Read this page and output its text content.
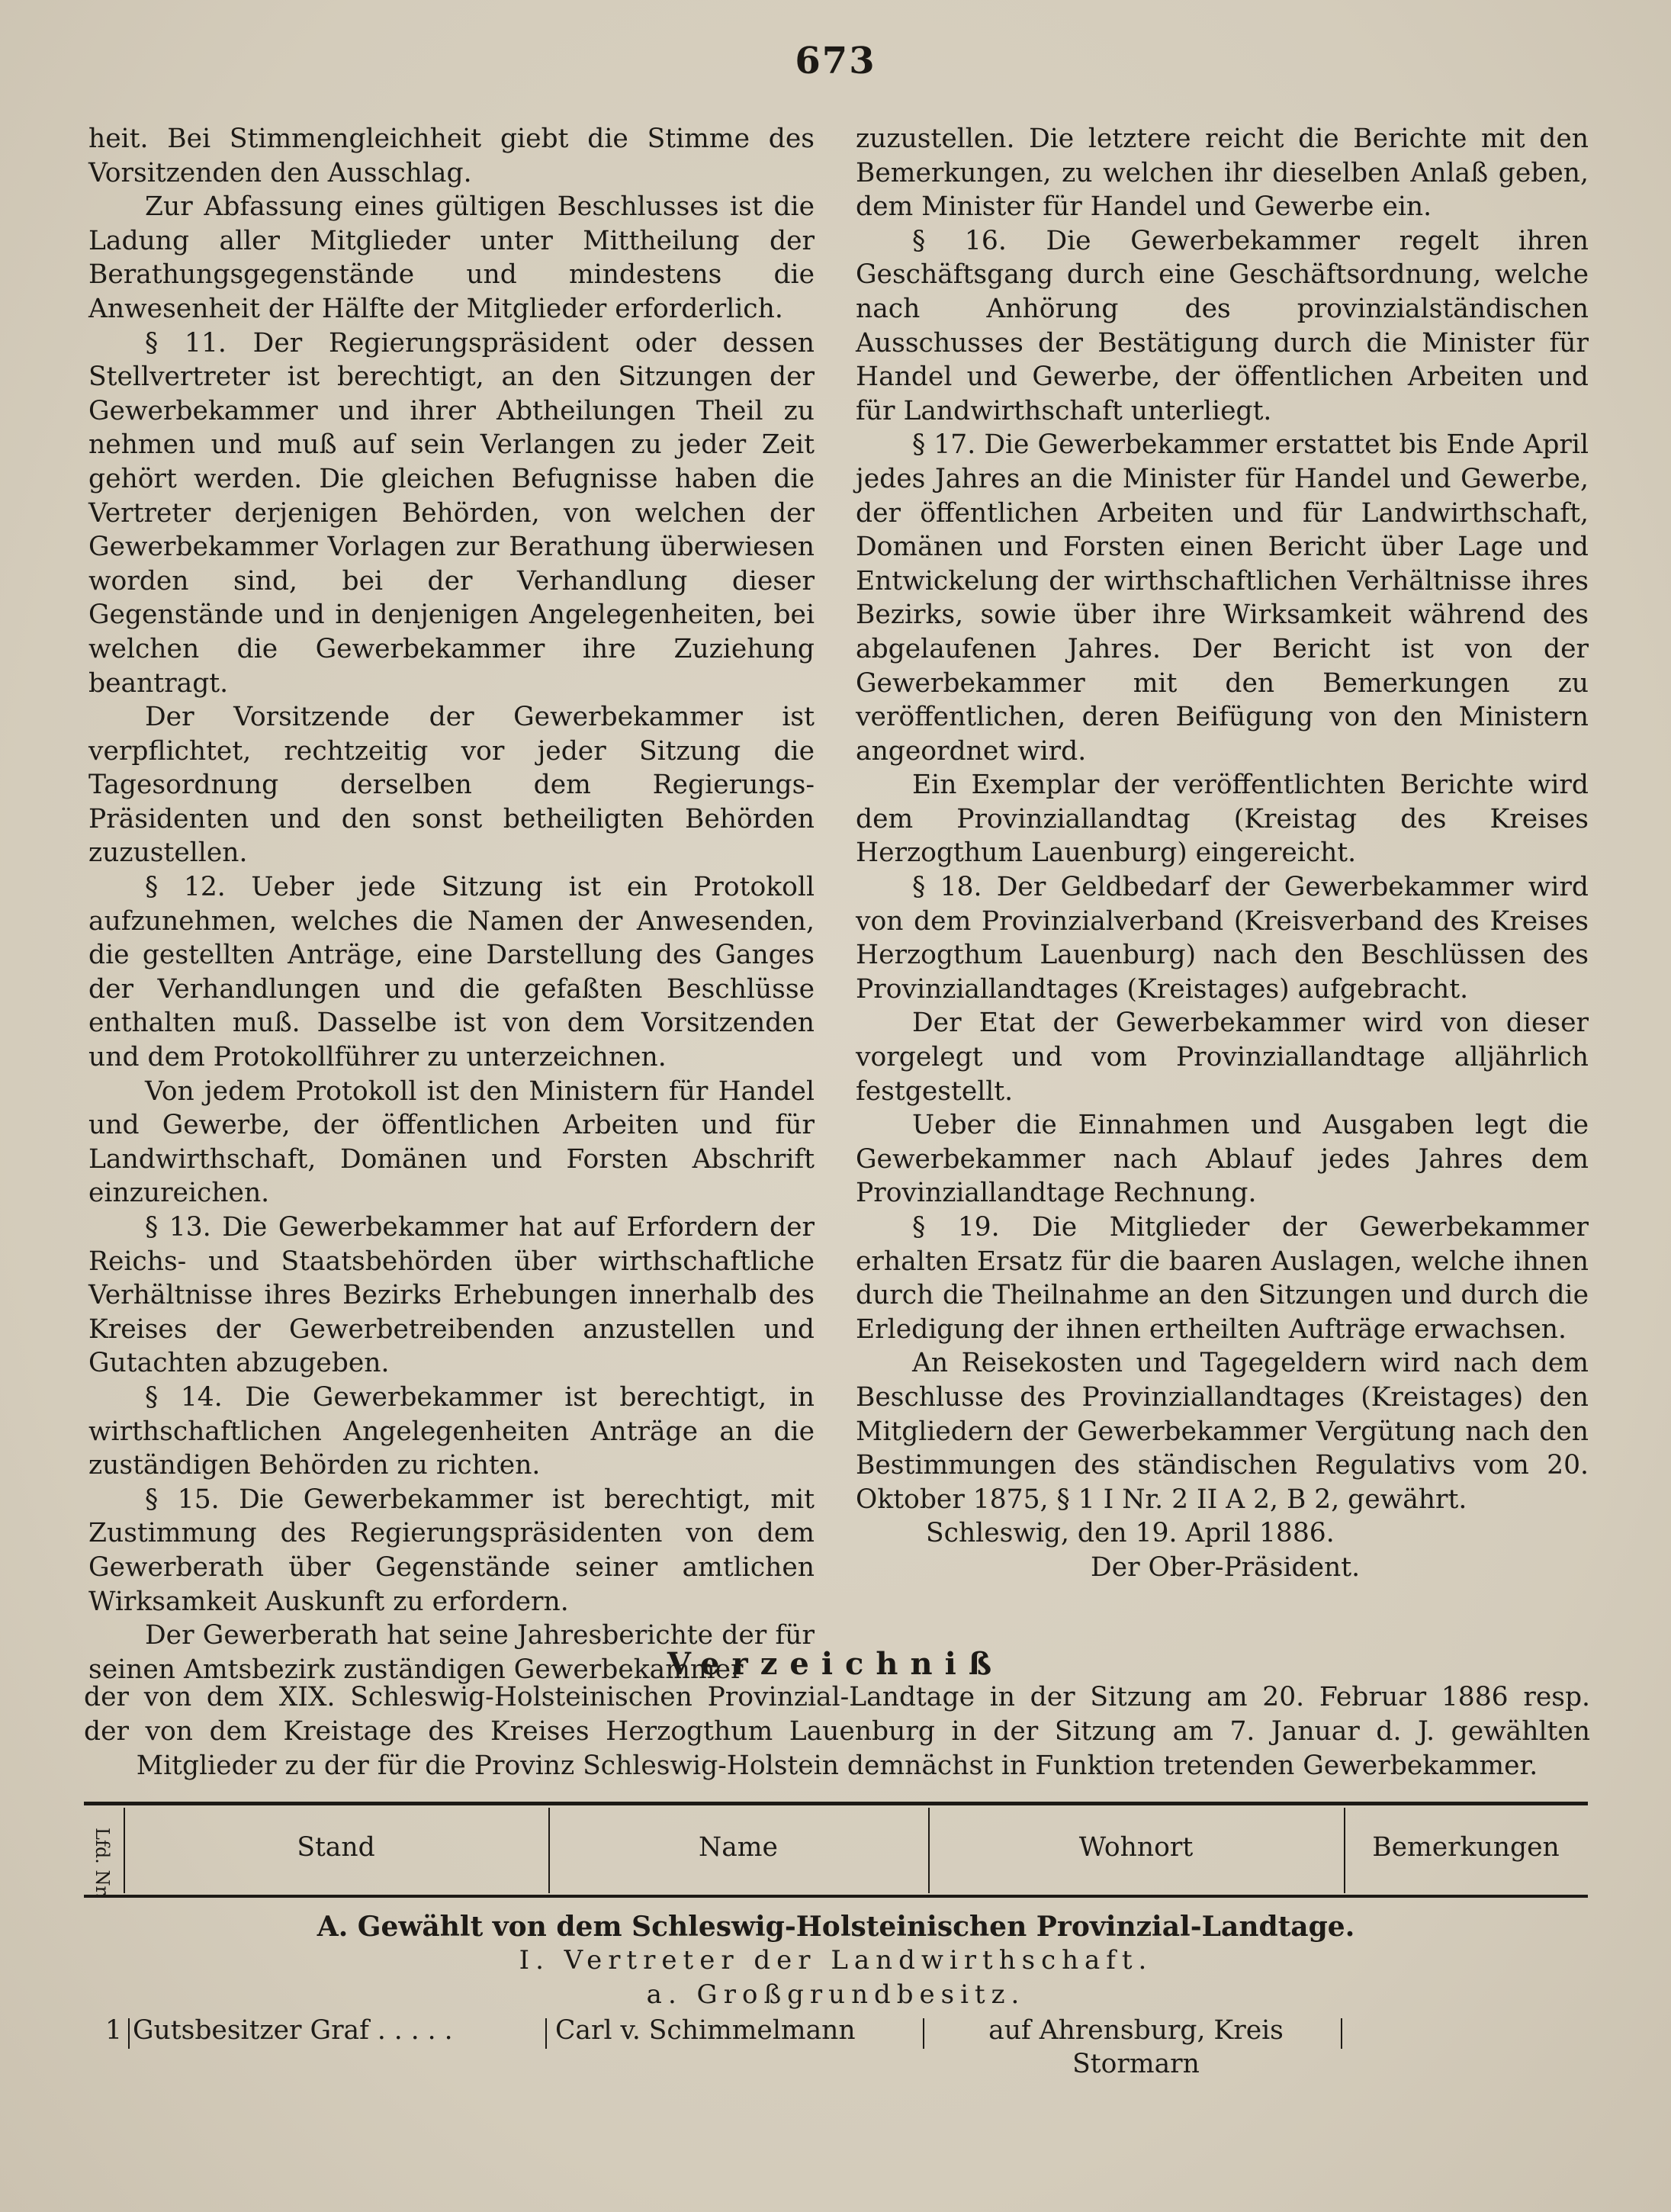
673

heit. Bei Stimmengleichheit giebt die Stimme des Vorsitzenden den Ausschlag.

Zur Abfassung eines gültigen Beschlusses ist die Ladung aller Mitglieder unter Mittheilung der Berathungsgegenstände und mindestens die Anwesenheit der Hälfte der Mitglieder erforderlich.

§ 11. Der Regierungspräsident oder dessen Stellvertreter ist berechtigt, an den Sitzungen der Gewerbekammer und ihrer Abtheilungen Theil zu nehmen und muß auf sein Verlangen zu jeder Zeit gehört werden. Die gleichen Befugnisse haben die Vertreter derjenigen Behörden, von welchen der Gewerbekammer Vorlagen zur Berathung überwiesen worden sind, bei der Verhandlung dieser Gegenstände und in denjenigen Angelegenheiten, bei welchen die Gewerbekammer ihre Zuziehung beantragt.

Der Vorsitzende der Gewerbekammer ist verpflichtet, rechtzeitig vor jeder Sitzung die Tagesordnung derselben dem Regierungs-Präsidenten und den sonst betheiligten Behörden zuzustellen.

§ 12. Ueber jede Sitzung ist ein Protokoll aufzunehmen, welches die Namen der Anwesenden, die gestellten Anträge, eine Darstellung des Ganges der Verhandlungen und die gefaßten Beschlüsse enthalten muß. Dasselbe ist von dem Vorsitzenden und dem Protokollführer zu unterzeichnen.

Von jedem Protokoll ist den Ministern für Handel und Gewerbe, der öffentlichen Arbeiten und für Landwirthschaft, Domänen und Forsten Abschrift einzureichen.

§ 13. Die Gewerbekammer hat auf Erfordern der Reichs- und Staatsbehörden über wirthschaftliche Verhältnisse ihres Bezirks Erhebungen innerhalb des Kreises der Gewerbetreibenden anzustellen und Gutachten abzugeben.

§ 14. Die Gewerbekammer ist berechtigt, in wirthschaftlichen Angelegenheiten Anträge an die zuständigen Behörden zu richten.

§ 15. Die Gewerbekammer ist berechtigt, mit Zustimmung des Regierungspräsidenten von dem Gewerberath über Gegenstände seiner amtlichen Wirksamkeit Auskunft zu erfordern.

Der Gewerberath hat seine Jahresberichte der für seinen Amtsbezirk zuständigen Gewerbekammer

zuzustellen. Die letztere reicht die Berichte mit den Bemerkungen, zu welchen ihr dieselben Anlaß geben, dem Minister für Handel und Gewerbe ein.

§ 16. Die Gewerbekammer regelt ihren Geschäftsgang durch eine Geschäftsordnung, welche nach Anhörung des provinzialständischen Ausschusses der Bestätigung durch die Minister für Handel und Gewerbe, der öffentlichen Arbeiten und für Landwirthschaft unterliegt.

§ 17. Die Gewerbekammer erstattet bis Ende April jedes Jahres an die Minister für Handel und Gewerbe, der öffentlichen Arbeiten und für Landwirthschaft, Domänen und Forsten einen Bericht über Lage und Entwickelung der wirthschaftlichen Verhältnisse ihres Bezirks, sowie über ihre Wirksamkeit während des abgelaufenen Jahres. Der Bericht ist von der Gewerbekammer mit den Bemerkungen zu veröffentlichen, deren Beifügung von den Ministern angeordnet wird.

Ein Exemplar der veröffentlichten Berichte wird dem Provinziallandtag (Kreistag des Kreises Herzogthum Lauenburg) eingereicht.

§ 18. Der Geldbedarf der Gewerbekammer wird von dem Provinzialverband (Kreisverband des Kreises Herzogthum Lauenburg) nach den Beschlüssen des Provinziallandtages (Kreistages) aufgebracht.

Der Etat der Gewerbekammer wird von dieser vorgelegt und vom Provinziallandtage alljährlich festgestellt.

Ueber die Einnahmen und Ausgaben legt die Gewerbekammer nach Ablauf jedes Jahres dem Provinziallandtage Rechnung.

§ 19. Die Mitglieder der Gewerbekammer erhalten Ersatz für die baaren Auslagen, welche ihnen durch die Theilnahme an den Sitzungen und durch die Erledigung der ihnen ertheilten Aufträge erwachsen.

An Reisekosten und Tagegeldern wird nach dem Beschlusse des Provinziallandtages (Kreistages) den Mitgliedern der Gewerbekammer Vergütung nach den Bestimmungen des ständischen Regulativs vom 20. Oktober 1875, § 1 I Nr. 2 II A 2, B 2, gewährt.

Schleswig, den 19. April 1886.

Der Ober-Präsident.

Verzeichniß
der von dem XIX. Schleswig-Holsteinischen Provinzial-Landtage in der Sitzung am 20. Februar 1886 resp.
der von dem Kreistage des Kreises Herzogthum Lauenburg in der Sitzung am 7. Januar d. J. gewählten
Mitglieder zu der für die Provinz Schleswig-Holstein demnächst in Funktion tretenden Gewerbekammer.
Lfd. Nr.	Stand	Name	Wohnort	Bemerkungen
A. Gewählt von dem Schleswig-Holsteinischen Provinzial-Landtage.
I. Vertreter der Landwirthschaft.
a. Großgrundbesitz.
1 Gutsbesitzer Graf . . . . .	Carl v. Schimmelmann	auf Ahrensburg, Kreis
Stormarn
